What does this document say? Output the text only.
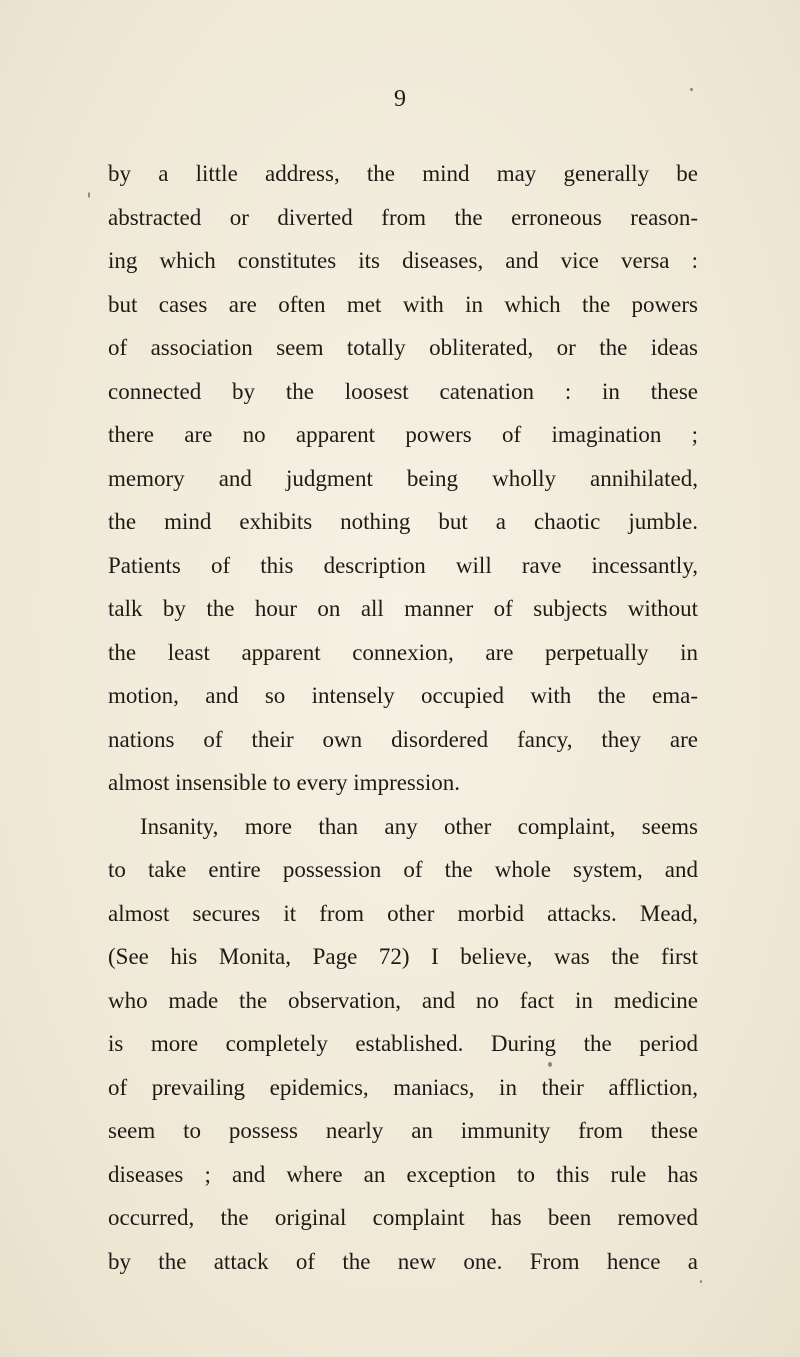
9
by a little address, the mind may generally be
abstracted or diverted from the erroneous reason-
ing which constitutes its diseases, and vice versa :
but cases are often met with in which the powers
of association seem totally obliterated, or the ideas
connected by the loosest catenation : in these
there are no apparent powers of imagination ;
memory and judgment being wholly annihilated,
the mind exhibits nothing but a chaotic jumble.
Patients of this description will rave incessantly,
talk by the hour on all manner of subjects without
the least apparent connexion, are perpetually in
motion, and so intensely occupied with the ema-
nations of their own disordered fancy, they are
almost insensible to every impression.
Insanity, more than any other complaint, seems
to take entire possession of the whole system, and
almost secures it from other morbid attacks. Mead,
(See his Monita, Page 72) I believe, was the first
who made the observation, and no fact in medicine
is more completely established. During the period
of prevailing epidemics, maniacs, in their affliction,
seem to possess nearly an immunity from these
diseases ; and where an exception to this rule has
occurred, the original complaint has been removed
by the attack of the new one. From hence a
